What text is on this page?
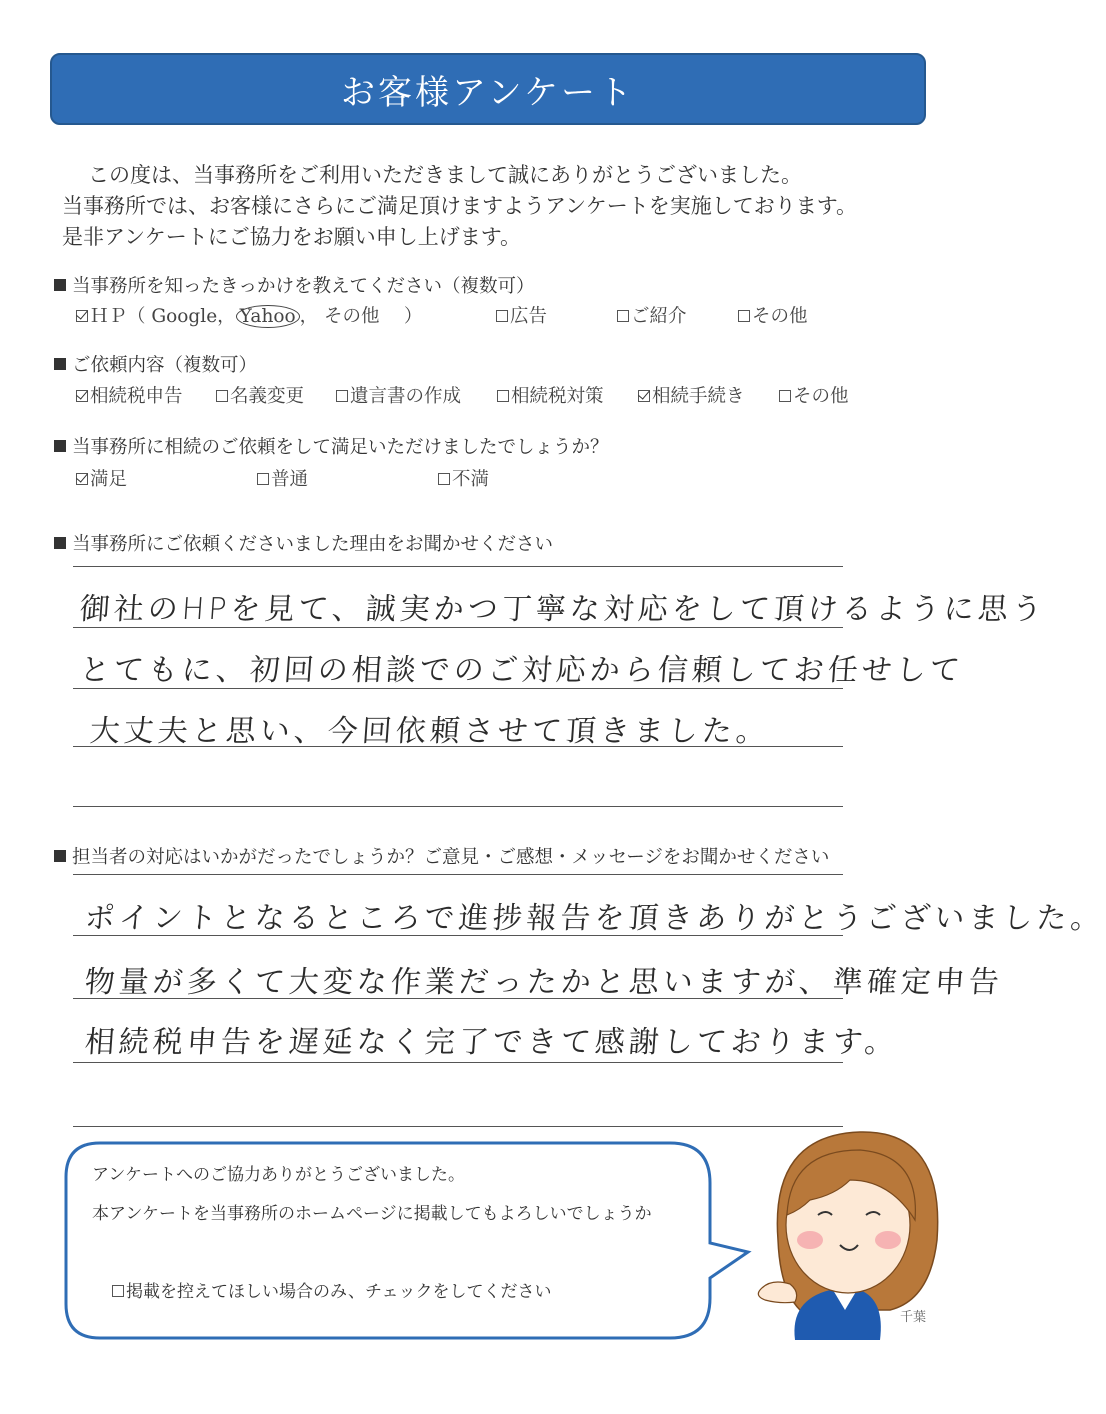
お客様アンケート
この度は、当事務所をご利用いただきまして誠にありがとうございました。
当事務所では、お客様にさらにご満足頂けますようアンケートを実施しております。
是非アンケートにご協力をお願い申し上げます。
当事務所を知ったきっかけを教えてください（複数可）
ＨＰ（ Google， Yahoo ， その他　 ）	広告	ご紹介	その他
ご依頼内容（複数可）
相続税申告	名義変更	遺言書の作成	相続税対策	相続手続き	その他
当事務所に相続のご依頼をして満足いただけましたでしょうか？
満足	普通	不満
当事務所にご依頼くださいました理由をお聞かせください
御社のHPを見て、誠実かつ丁寧な対応をして頂けるように思う
とてもに、初回の相談でのご対応から信頼してお任せして
大丈夫と思い、今回依頼させて頂きました。
担当者の対応はいかがだったでしょうか？ご意見・ご感想・メッセージをお聞かせください
ポイントとなるところで進捗報告を頂きありがとうございました。
物量が多くて大変な作業だったかと思いますが、準確定申告
相続税申告を遅延なく完了できて感謝しております。
アンケートへのご協力ありがとうございました。
本アンケートを当事務所のホームページに掲載してもよろしいでしょうか
掲載を控えてほしい場合のみ、チェックをしてください
千葉
